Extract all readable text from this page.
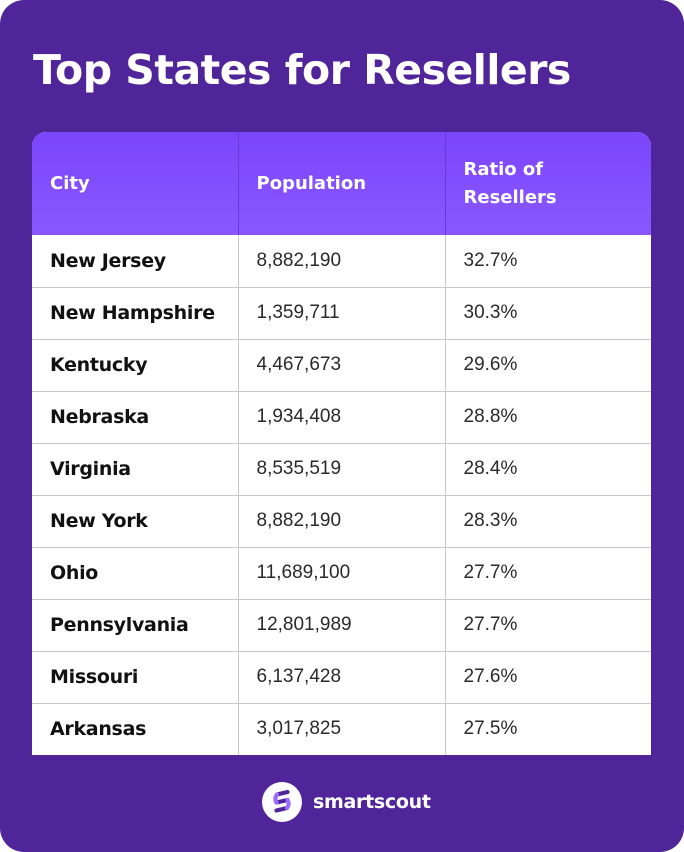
Top States for Resellers
City	Population	Ratio of Resellers
New Jersey	8,882,190	32.7%
New Hampshire	1,359,711	30.3%
Kentucky	4,467,673	29.6%
Nebraska	1,934,408	28.8%
Virginia	8,535,519	28.4%
New York	8,882,190	28.3%
Ohio	11,689,100	27.7%
Pennsylvania	12,801,989	27.7%
Missouri	6,137,428	27.6%
Arkansas	3,017,825	27.5%
smartscout
